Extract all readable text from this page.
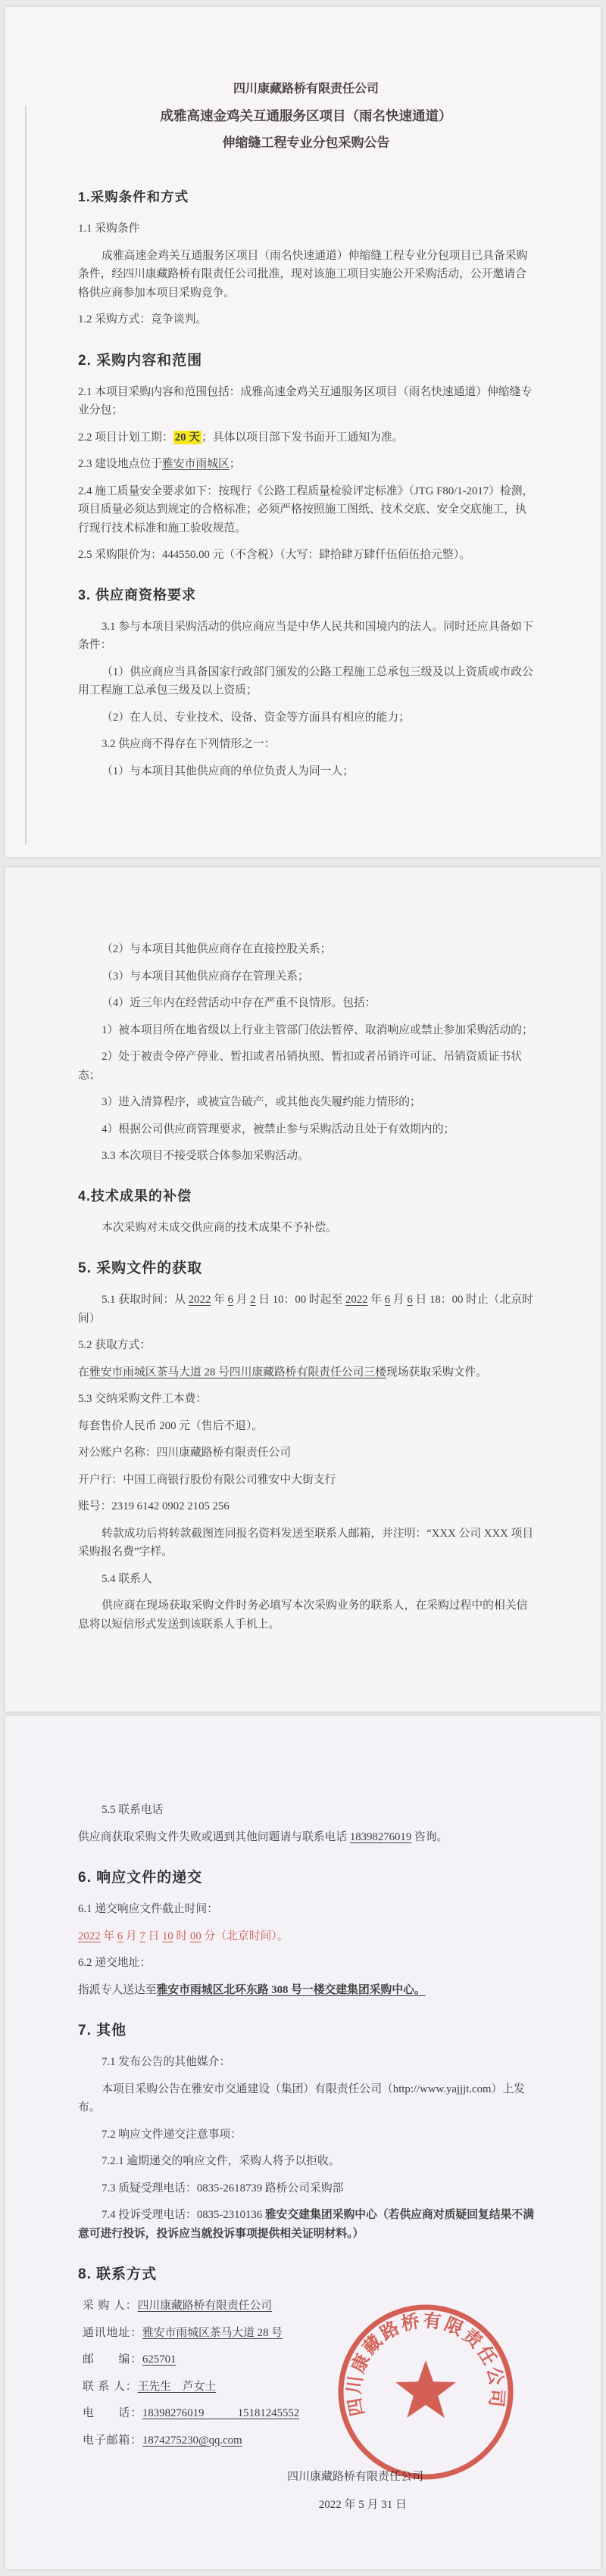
四川康藏路桥有限责任公司
成雅高速金鸡关互通服务区项目（雨名快速通道）
伸缩缝工程专业分包采购公告
1.采购条件和方式

1.1 采购条件

成雅高速金鸡关互通服务区项目（雨名快速通道）伸缩缝工程专业分包项目已具备采购条件，经四川康藏路桥有限责任公司批准，现对该施工项目实施公开采购活动，公开邀请合格供应商参加本项目采购竞争。

1.2 采购方式：竞争谈判。

2. 采购内容和范围

2.1 本项目采购内容和范围包括：成雅高速金鸡关互通服务区项目（雨名快速通道）伸缩缝专业分包；

2.2 项目计划工期： 20 天 ；具体以项目部下发书面开工通知为准。

2.3 建设地点位于雅安市雨城区；

2.4 施工质量安全要求如下：按现行《公路工程质量检验评定标准》（JTG F80/1-2017）检测，项目质量必须达到规定的合格标准；必须严格按照施工图纸、技术交底、安全交底施工，执行现行技术标准和施工验收规范。

2.5 采购限价为：444550.00 元（不含税）（大写：肆拾肆万肆仟伍佰伍拾元整）。

3. 供应商资格要求

3.1 参与本项目采购活动的供应商应当是中华人民共和国境内的法人。同时还应具备如下条件：

（1）供应商应当具备国家行政部门颁发的公路工程施工总承包三级及以上资质或市政公用工程施工总承包三级及以上资质；

（2）在人员、专业技术、设备、资金等方面具有相应的能力；

3.2 供应商不得存在下列情形之一：

（1）与本项目其他供应商的单位负责人为同一人；

（2）与本项目其他供应商存在直接控股关系；

（3）与本项目其他供应商存在管理关系；

（4）近三年内在经营活动中存在严重不良情形。包括：

1）被本项目所在地省级以上行业主管部门依法暂停、取消响应或禁止参加采购活动的；

2）处于被责令停产停业、暂扣或者吊销执照、暂扣或者吊销许可证、吊销资质证书状态；

3）进入清算程序，或被宣告破产，或其他丧失履约能力情形的；

4）根据公司供应商管理要求，被禁止参与采购活动且处于有效期内的；

3.3 本次项目不接受联合体参加采购活动。

4.技术成果的补偿

本次采购对未成交供应商的技术成果不予补偿。

5. 采购文件的获取

5.1 获取时间：从 2022 年 6 月 2 日 10：00 时起至 2022 年 6 月 6 日 18：00 时止（北京时间）

5.2 获取方式：

在雅安市雨城区茶马大道 28 号四川康藏路桥有限责任公司三楼现场获取采购文件。

5.3 交纳采购文件工本费：

每套售价人民币 200 元（售后不退）。

对公账户名称：四川康藏路桥有限责任公司

开户行：中国工商银行股份有限公司雅安中大街支行

账号：2319 6142 0902 2105 256

转款成功后将转款截图连同报名资料发送至联系人邮箱，并注明：“XXX 公司 XXX 项目采购报名费”字样。

5.4 联系人

供应商在现场获取采购文件时务必填写本次采购业务的联系人，在采购过程中的相关信息将以短信形式发送到该联系人手机上。

5.5 联系电话

供应商获取采购文件失败或遇到其他问题请与联系电话 18398276019 咨询。

6. 响应文件的递交

6.1 递交响应文件截止时间：

2022 年 6 月 7 日 10 时 00 分（北京时间）。

6.2 递交地址：

指派专人送达至雅安市雨城区北环东路 308 号一楼交建集团采购中心。

7. 其他

7.1 发布公告的其他媒介：

本项目采购公告在雅安市交通建设（集团）有限责任公司（http://www.yajjjt.com）上发布。

7.2 响应文件递交注意事项：

7.2.1 逾期递交的响应文件，采购人将予以拒收。

7.3 质疑受理电话：0835-2618739 路桥公司采购部

7.4 投诉受理电话：0835-2310136 雅安交建集团采购中心（若供应商对质疑回复结果不满意可进行投诉，投诉应当就投诉事项提供相关证明材料。）

8. 联系方式

采 购 人：四川康藏路桥有限责任公司

通讯地址：雅安市雨城区茶马大道 28 号

邮　　编：625701

联 系 人：王先生　芦女士

电　　话：18398276019　　　15181245552

电子邮箱：1874275230@qq.com

四川康藏路桥有限责任公司
2022 年 5 月 31 日
四川康藏路桥有限责任公司
